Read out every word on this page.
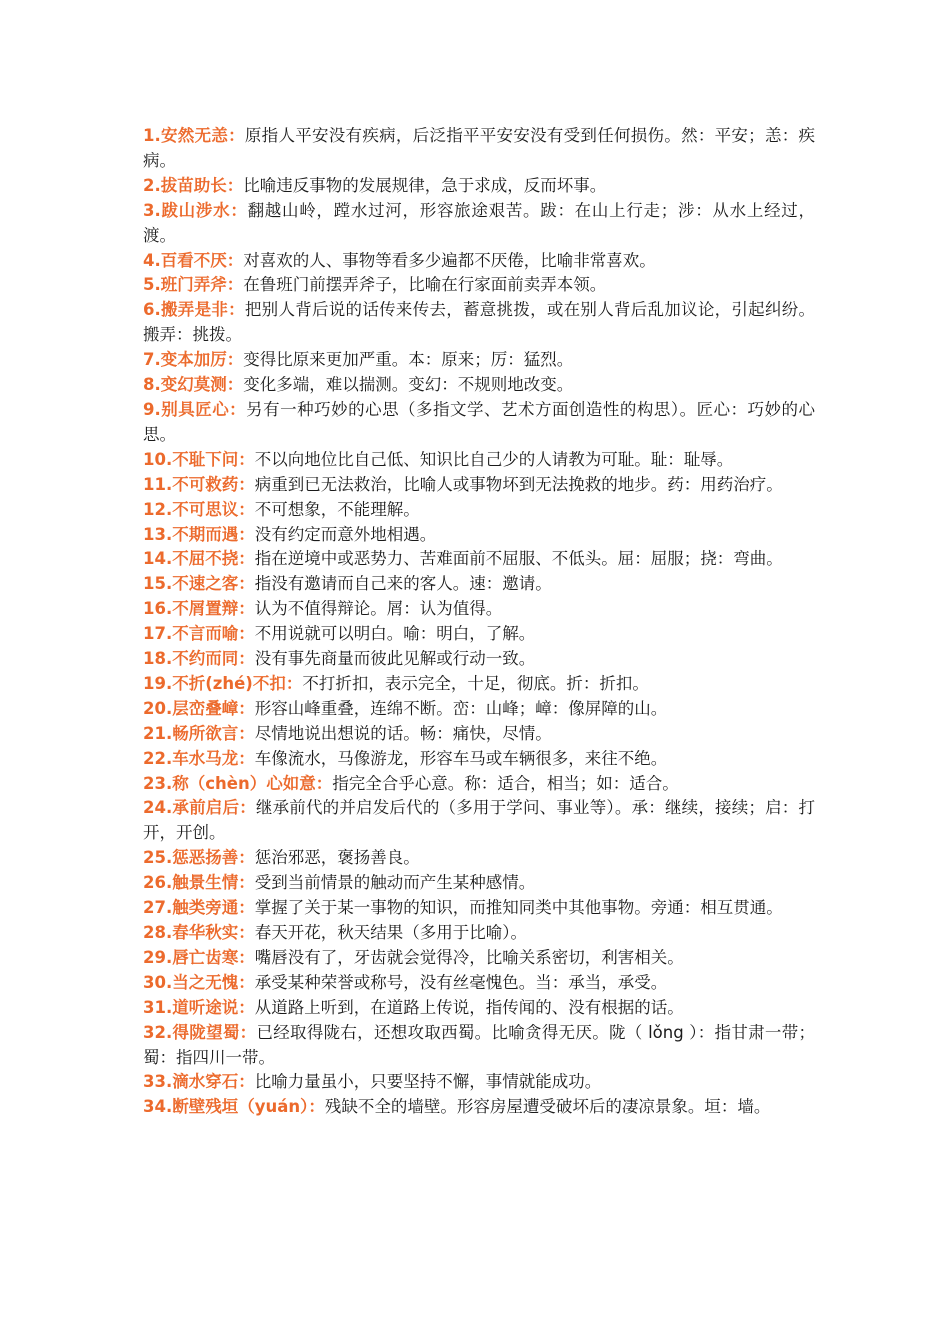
1.安然无恙：原指人平安没有疾病，后泛指平平安安没有受到任何损伤。然：平安；恙：疾病。

2.拔苗助长：比喻违反事物的发展规律，急于求成，反而坏事。

3.跋山涉水：翻越山岭，蹚水过河，形容旅途艰苦。跋：在山上行走；涉：从水上经过，渡。

4.百看不厌：对喜欢的人、事物等看多少遍都不厌倦，比喻非常喜欢。

5.班门弄斧：在鲁班门前摆弄斧子，比喻在行家面前卖弄本领。

6.搬弄是非：把别人背后说的话传来传去，蓄意挑拨，或在别人背后乱加议论，引起纠纷。搬弄：挑拨。

7.变本加厉：变得比原来更加严重。本：原来；厉：猛烈。

8.变幻莫测：变化多端，难以揣测。变幻：不规则地改变。

9.别具匠心：另有一种巧妙的心思（多指文学、艺术方面创造性的构思）。匠心：巧妙的心思。

10.不耻下问：不以向地位比自己低、知识比自己少的人请教为可耻。耻：耻辱。

11.不可救药：病重到已无法救治，比喻人或事物坏到无法挽救的地步。药：用药治疗。

12.不可思议：不可想象，不能理解。

13.不期而遇：没有约定而意外地相遇。

14.不屈不挠：指在逆境中或恶势力、苦难面前不屈服、不低头。屈：屈服；挠：弯曲。

15.不速之客：指没有邀请而自己来的客人。速：邀请。

16.不屑置辩：认为不值得辩论。屑：认为值得。

17.不言而喻：不用说就可以明白。喻：明白，了解。

18.不约而同：没有事先商量而彼此见解或行动一致。

19.不折(zhé)不扣：不打折扣，表示完全，十足，彻底。折：折扣。

20.层峦叠嶂：形容山峰重叠，连绵不断。峦：山峰；嶂：像屏障的山。

21.畅所欲言：尽情地说出想说的话。畅：痛快，尽情。

22.车水马龙：车像流水，马像游龙，形容车马或车辆很多，来往不绝。

23.称（chèn）心如意：指完全合乎心意。称：适合，相当；如：适合。

24.承前启后：继承前代的并启发后代的（多用于学问、事业等）。承：继续，接续；启：打开，开创。

25.惩恶扬善：惩治邪恶，褒扬善良。

26.触景生情：受到当前情景的触动而产生某种感情。

27.触类旁通：掌握了关于某一事物的知识，而推知同类中其他事物。旁通：相互贯通。

28.春华秋实：春天开花，秋天结果（多用于比喻）。

29.唇亡齿寒：嘴唇没有了，牙齿就会觉得冷，比喻关系密切，利害相关。

30.当之无愧：承受某种荣誉或称号，没有丝毫愧色。当：承当，承受。

31.道听途说：从道路上听到，在道路上传说，指传闻的、没有根据的话。

32.得陇望蜀：已经取得陇右，还想攻取西蜀。比喻贪得无厌。陇（ lǒng ）：指甘肃一带；蜀：指四川一带。

33.滴水穿石：比喻力量虽小，只要坚持不懈，事情就能成功。

34.断壁残垣（yuán）：残缺不全的墙壁。形容房屋遭受破坏后的凄凉景象。垣：墙。
